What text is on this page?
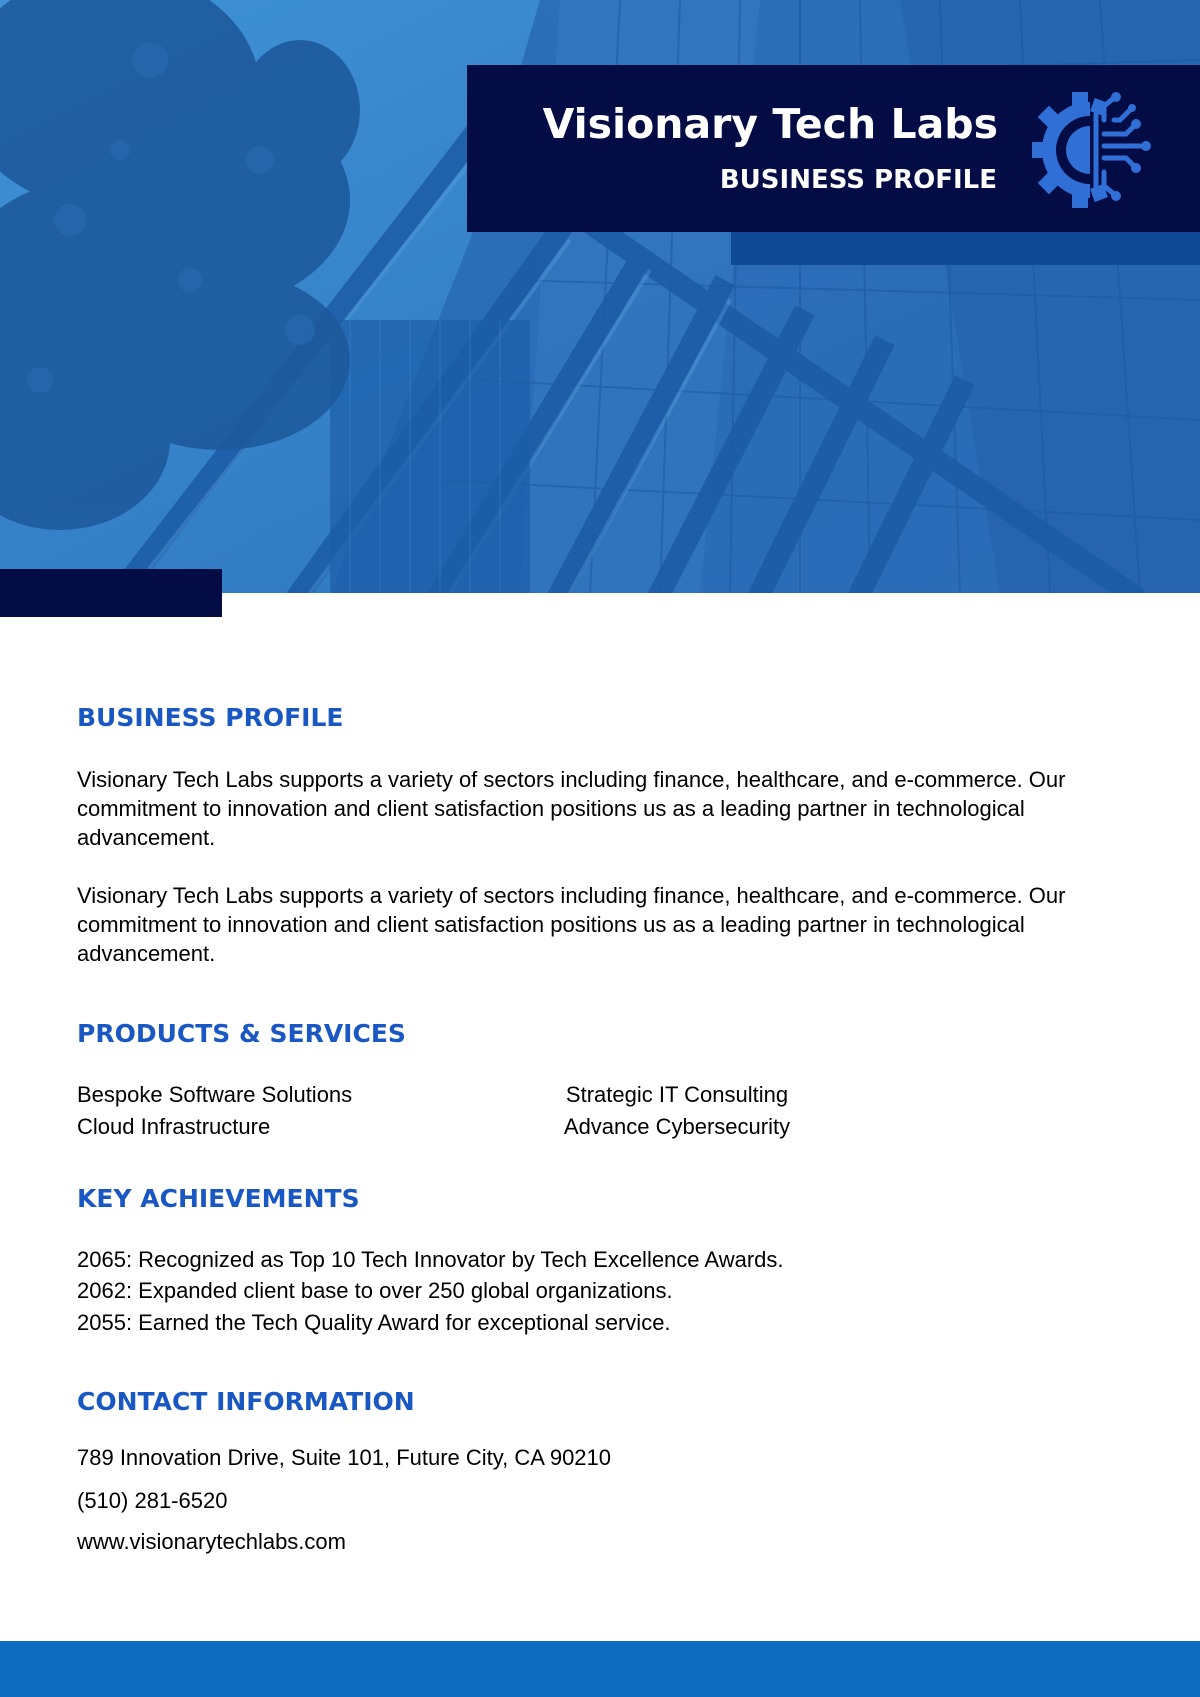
Visionary Tech Labs
BUSINESS PROFILE
BUSINESS PROFILE

Visionary Tech Labs supports a variety of sectors including finance, healthcare, and e-commerce. Our commitment to innovation and client satisfaction positions us as a leading partner in technological advancement.

Visionary Tech Labs supports a variety of sectors including finance, healthcare, and e-commerce. Our commitment to innovation and client satisfaction positions us as a leading partner in technological advancement.

PRODUCTS & SERVICES

Bespoke Software Solutions	Strategic IT Consulting

Cloud Infrastructure	Advance Cybersecurity

KEY ACHIEVEMENTS

2065: Recognized as Top 10 Tech Innovator by Tech Excellence Awards.

2062: Expanded client base to over 250 global organizations.

2055: Earned the Tech Quality Award for exceptional service.

CONTACT INFORMATION

789 Innovation Drive, Suite 101, Future City, CA 90210

(510) 281-6520

www.visionarytechlabs.com
